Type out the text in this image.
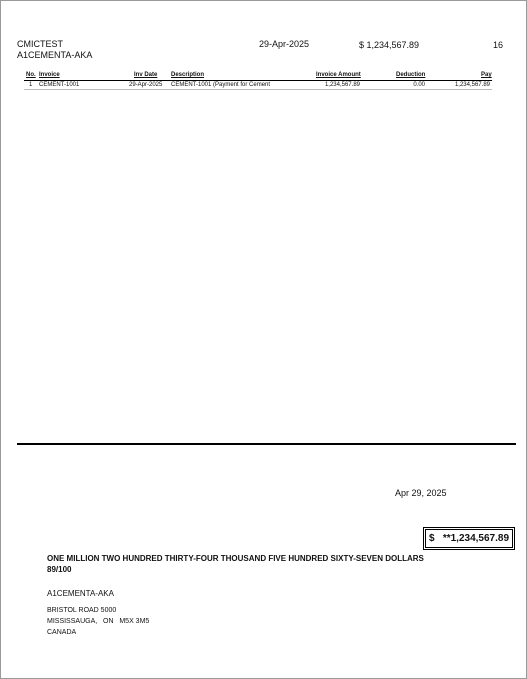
CMICTEST
A1CEMENTA-AKA
29-Apr-2025	$ 1,234,567.89	16
No. Invoice	Inv Date Description	Invoice Amount	Deduction	Pay
1 CEMENT-1001	29-Apr-2025 CEMENT-1001 (Payment for Cement	1,234,567.89	0.00	1,234,567.89
Apr 29, 2025
$ **1,234,567.89
ONE MILLION TWO HUNDRED THIRTY-FOUR THOUSAND FIVE HUNDRED SIXTY-SEVEN DOLLARS
89/100
A1CEMENTA-AKA
BRISTOL ROAD 5000
MISSISSAUGA,   ON   M5X 3M5
CANADA
